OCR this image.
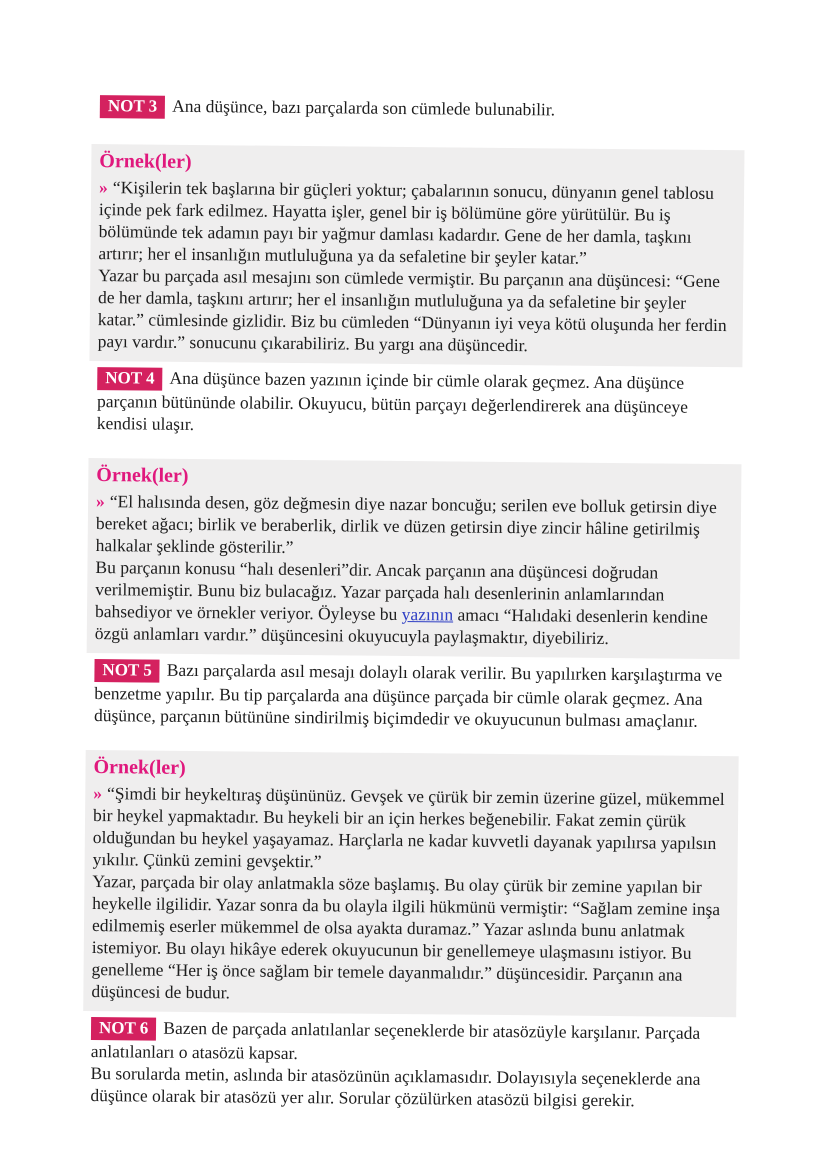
NOT 3 Ana düşünce, bazı parçalarda son cümlede bulunabilir.

Örnek(ler)

» “Kişilerin tek başlarına bir güçleri yoktur; çabalarının sonucu, dünyanın genel tablosu içinde pek fark edilmez. Hayatta işler, genel bir iş bölümüne göre yürütülür. Bu iş bölümünde tek adamın payı bir yağmur damlası kadardır. Gene de her damla, taşkını artırır; her el insanlığın mutluluğuna ya da sefaletine bir şeyler katar.”

Yazar bu parçada asıl mesajını son cümlede vermiştir. Bu parçanın ana düşüncesi: “Gene de her damla, taşkını artırır; her el insanlığın mutluluğuna ya da sefaletine bir şeyler katar.” cümlesinde gizlidir. Biz bu cümleden “Dünyanın iyi veya kötü oluşunda her ferdin payı vardır.” sonucunu çıkarabiliriz. Bu yargı ana düşüncedir.

NOT 4 Ana düşünce bazen yazının içinde bir cümle olarak geçmez. Ana düşünce parçanın bütününde olabilir. Okuyucu, bütün parçayı değerlendirerek ana düşünceye kendisi ulaşır.

Örnek(ler)

» “El halısında desen, göz değmesin diye nazar boncuğu; serilen eve bolluk getirsin diye bereket ağacı; birlik ve beraberlik, dirlik ve düzen getirsin diye zincir hâline getirilmiş halkalar şeklinde gösterilir.”

Bu parçanın konusu “halı desenleri”dir. Ancak parçanın ana düşüncesi doğrudan verilmemiştir. Bunu biz bulacağız. Yazar parçada halı desenlerinin anlamlarından bahsediyor ve örnekler veriyor. Öyleyse bu yazının amacı “Halıdaki desenlerin kendine özgü anlamları vardır.” düşüncesini okuyucuyla paylaşmaktır, diyebiliriz.

NOT 5 Bazı parçalarda asıl mesajı dolaylı olarak verilir. Bu yapılırken karşılaştırma ve benzetme yapılır. Bu tip parçalarda ana düşünce parçada bir cümle olarak geçmez. Ana düşünce, parçanın bütününe sindirilmiş biçimdedir ve okuyucunun bulması amaçlanır.

Örnek(ler)

» “Şimdi bir heykeltıraş düşününüz. Gevşek ve çürük bir zemin üzerine güzel, mükemmel bir heykel yapmaktadır. Bu heykeli bir an için herkes beğenebilir. Fakat zemin çürük olduğundan bu heykel yaşayamaz. Harçlarla ne kadar kuvvetli dayanak yapılırsa yapılsın yıkılır. Çünkü zemini gevşektir.”

Yazar, parçada bir olay anlatmakla söze başlamış. Bu olay çürük bir zemine yapılan bir heykelle ilgilidir. Yazar sonra da bu olayla ilgili hükmünü vermiştir: “Sağlam zemine inşa edilmemiş eserler mükemmel de olsa ayakta duramaz.” Yazar aslında bunu anlatmak istemiyor. Bu olayı hikâye ederek okuyucunun bir genellemeye ulaşmasını istiyor. Bu genelleme “Her iş önce sağlam bir temele dayanmalıdır.” düşüncesidir. Parçanın ana düşüncesi de budur.

NOT 6 Bazen de parçada anlatılanlar seçeneklerde bir atasözüyle karşılanır. Parçada anlatılanları o atasözü kapsar.

Bu sorularda metin, aslında bir atasözünün açıklamasıdır. Dolayısıyla seçeneklerde ana düşünce olarak bir atasözü yer alır. Sorular çözülürken atasözü bilgisi gerekir.
